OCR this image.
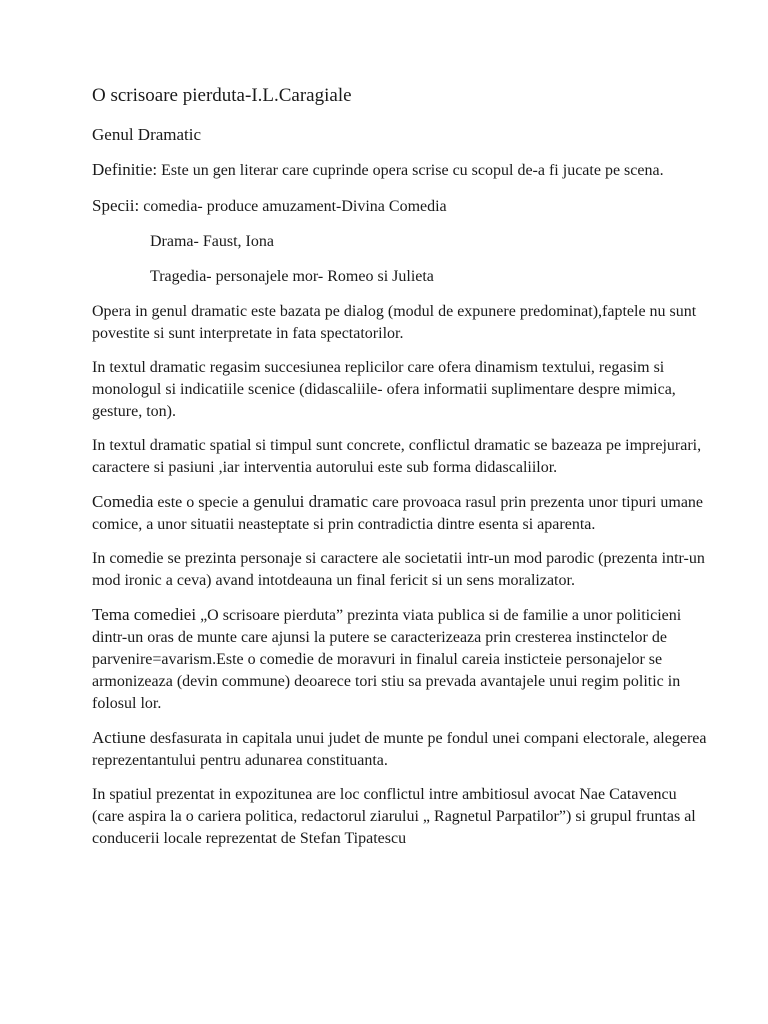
O scrisoare pierduta-I.L.Caragiale
Genul Dramatic

Definitie: Este un gen literar care cuprinde opera scrise cu scopul de-a fi jucate pe scena.

Specii: comedia- produce amuzament-Divina Comedia

Drama- Faust, Iona

Tragedia- personajele mor- Romeo si Julieta

Opera in genul dramatic este bazata pe dialog (modul de expunere predominat),faptele nu sunt povestite si sunt interpretate in fata spectatorilor.

In textul dramatic regasim succesiunea replicilor care ofera dinamism textului, regasim si monologul si indicatiile scenice (didascaliile- ofera informatii suplimentare despre mimica, gesture, ton).

In textul dramatic spatial si timpul sunt concrete, conflictul dramatic se bazeaza pe imprejurari, caractere si pasiuni ,iar interventia autorului este sub forma didascaliilor.

Comedia este o specie a genului dramatic care provoaca rasul prin prezenta unor tipuri umane comice, a unor situatii neasteptate si prin contradictia dintre esenta si aparenta.

In comedie se prezinta personaje si caractere ale societatii intr-un mod parodic (prezenta intr-un mod ironic a ceva) avand intotdeauna un final fericit si un sens moralizator.

Tema comediei „O scrisoare pierduta” prezinta viata publica si de familie a unor politicieni dintr-un oras de munte care ajunsi la putere se caracterizeaza prin cresterea instinctelor de parvenire=avarism.Este o comedie de moravuri in finalul careia insticteie personajelor se armonizeaza (devin commune) deoarece tori stiu sa prevada avantajele unui regim politic in folosul lor.

Actiune desfasurata in capitala unui judet de munte pe fondul unei compani electorale, alegerea reprezentantului pentru adunarea constituanta.

In spatiul prezentat in expozitunea are loc conflictul intre ambitiosul avocat Nae Catavencu (care aspira la o cariera politica, redactorul ziarului „ Ragnetul Parpatilor”) si grupul fruntas al conducerii locale reprezentat de Stefan Tipatescu
